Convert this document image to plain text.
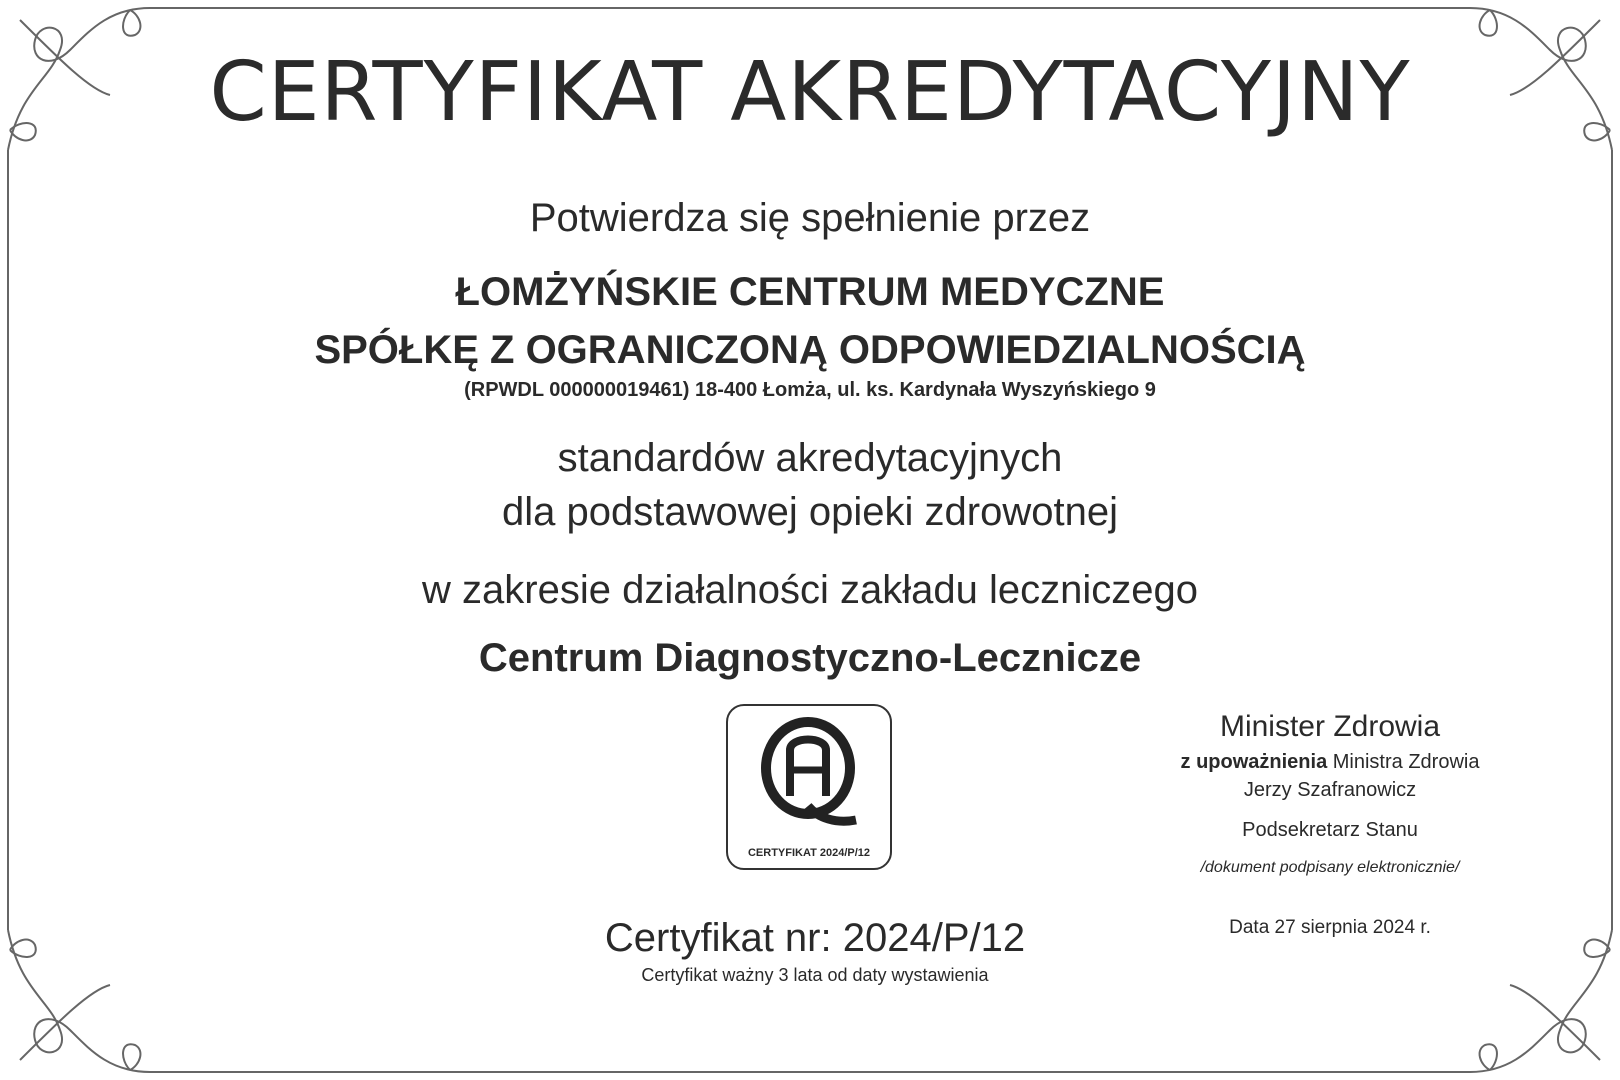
CERTYFIKAT AKREDYTACYJNY
Potwierdza się spełnienie przez
ŁOMŻYŃSKIE CENTRUM MEDYCZNE
SPÓŁKĘ Z OGRANICZONĄ ODPOWIEDZIALNOŚCIĄ
(RPWDL 000000019461) 18-400 Łomża, ul. ks. Kardynała Wyszyńskiego 9
standardów akredytacyjnych
dla podstawowej opieki zdrowotnej
w zakresie działalności zakładu leczniczego
Centrum Diagnostyczno-Lecznicze
CERTYFIKAT 2024/P/12
Minister Zdrowia
z upoważnienia Ministra Zdrowia
Jerzy Szafranowicz
Podsekretarz Stanu
/dokument podpisany elektronicznie/
Data 27 sierpnia 2024 r.
Certyfikat nr: 2024/P/12
Certyfikat ważny 3 lata od daty wystawienia
